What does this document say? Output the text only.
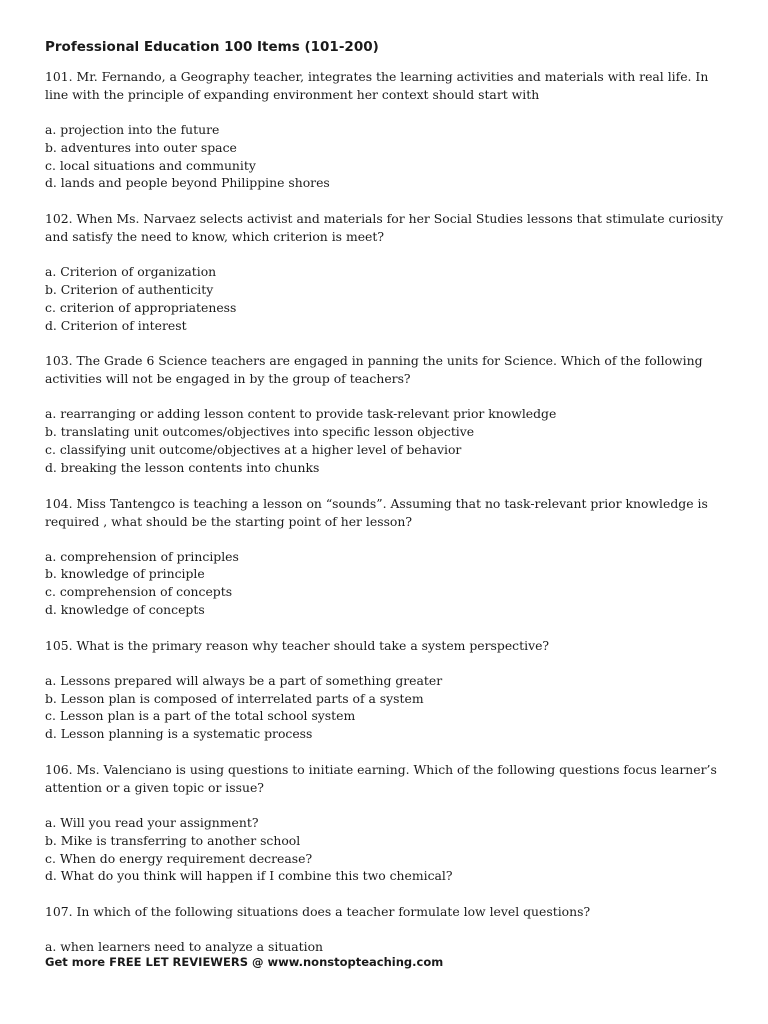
Professional Education 100 Items (101-200)
101. Mr. Fernando, a Geography teacher, integrates the learning activities and materials with real life. In line with the principle of expanding environment her context should start with
a. projection into the future
b. adventures into outer space
c. local situations and community
d. lands and people beyond Philippine shores
102. When Ms. Narvaez selects activist and materials for her Social Studies lessons that stimulate curiosity and satisfy the need to know, which criterion is meet?
a. Criterion of organization
b. Criterion of authenticity
c. criterion of appropriateness
d. Criterion of interest
103. The Grade 6 Science teachers are engaged in panning the units for Science. Which of the following activities will not be engaged in by the group of teachers?
a. rearranging or adding lesson content to provide task-relevant prior knowledge
b. translating unit outcomes/objectives into specific lesson objective
c. classifying unit outcome/objectives at a higher level of behavior
d. breaking the lesson contents into chunks
104. Miss Tantengco is teaching a lesson on “sounds”. Assuming that no task-relevant prior knowledge is required , what should be the starting point of her lesson?
a. comprehension of principles
b. knowledge of principle
c. comprehension of concepts
d. knowledge of concepts
105. What is the primary reason why teacher should take a system perspective?
a. Lessons prepared will always be a part of something greater
b. Lesson plan is composed of interrelated parts of a system
c. Lesson plan is a part of the total school system
d. Lesson planning is a systematic process
106. Ms. Valenciano is using questions to initiate earning. Which of the following questions focus learner’s attention or a given topic or issue?
a. Will you read your assignment?
b. Mike is transferring to another school
c. When do energy requirement decrease?
d. What do you think will happen if I combine this two chemical?
107. In which of the following situations does a teacher formulate low level questions?
a. when learners need to analyze a situation
Get more FREE LET REVIEWERS @ www.nonstopteaching.com
